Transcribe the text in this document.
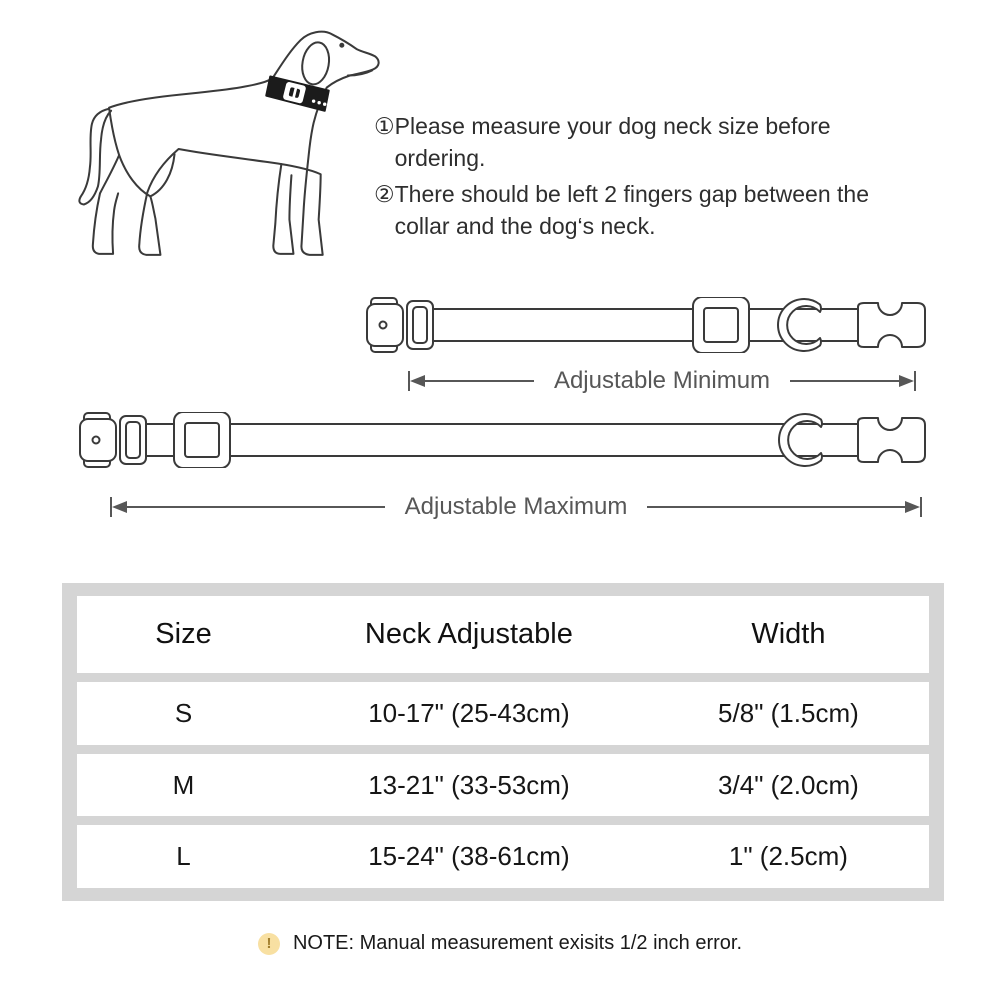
① Please measure your dog neck size before ordering.
② There should be left 2 fingers gap between the collar and the dog‘s neck.
Adjustable Minimum
Adjustable Maximum
Size	Neck Adjustable	Width
S	10-17" (25-43cm)	5/8" (1.5cm)
M	13-21" (33-53cm)	3/4" (2.0cm)
L	15-24" (38-61cm)	1" (2.5cm)
!	NOTE: Manual measurement exisits 1/2 inch error.
